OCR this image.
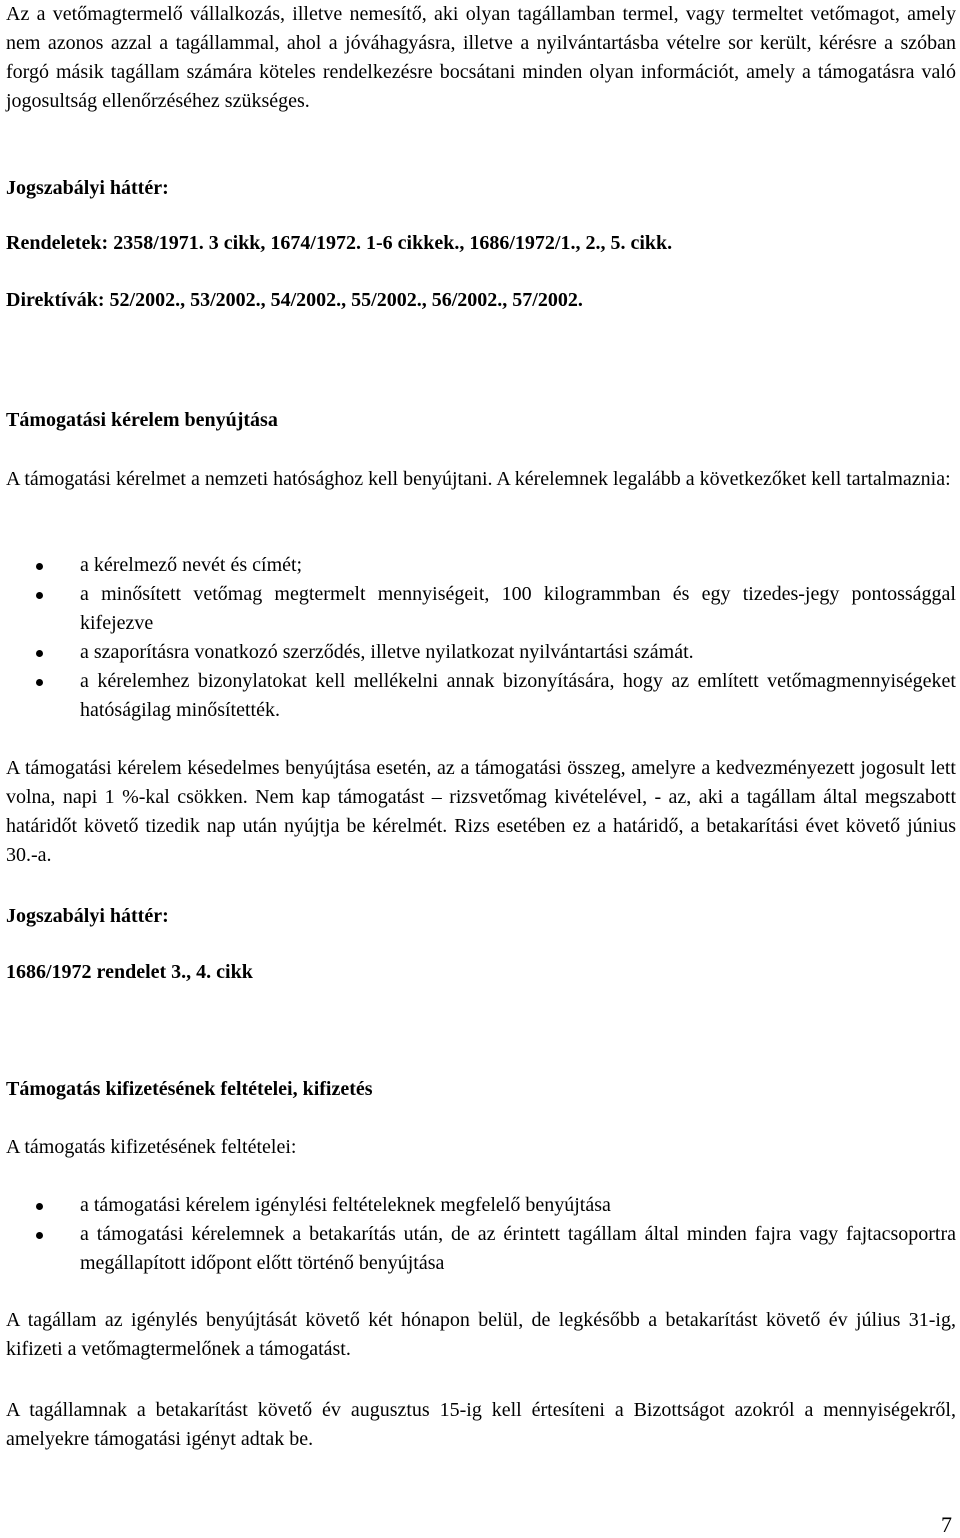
Az a vetőmagtermelő vállalkozás, illetve nemesítő, aki olyan tagállamban termel, vagy termeltet vetőmagot, amely nem azonos azzal a tagállammal, ahol a jóváhagyásra, illetve a nyilvántartásba vételre sor került, kérésre a szóban forgó másik tagállam számára köteles rendelkezésre bocsátani minden olyan információt, amely a támogatásra való jogosultság ellenőrzéséhez szükséges.

Jogszabályi háttér:

Rendeletek: 2358/1971. 3 cikk, 1674/1972. 1-6 cikkek., 1686/1972/1., 2., 5. cikk.

Direktívák: 52/2002., 53/2002., 54/2002., 55/2002., 56/2002., 57/2002.

Támogatási kérelem benyújtása

A támogatási kérelmet a nemzeti hatósághoz kell benyújtani. A kérelemnek legalább a következőket kell tartalmaznia:

a kérelmező nevét és címét;
a minősített vetőmag megtermelt mennyiségeit, 100 kilogrammban és egy tizedes-jegy pontossággal kifejezve
a szaporításra vonatkozó szerződés, illetve nyilatkozat nyilvántartási számát.
a kérelemhez bizonylatokat kell mellékelni annak bizonyítására, hogy az említett vetőmagmennyiségeket hatóságilag minősítették.

A támogatási kérelem késedelmes benyújtása esetén, az a támogatási összeg, amelyre a kedvezményezett jogosult lett volna, napi 1 %-kal csökken. Nem kap támogatást – rizsvetőmag kivételével, - az, aki a tagállam által megszabott határidőt követő tizedik nap után nyújtja be kérelmét. Rizs esetében ez a határidő, a betakarítási évet követő június 30.-a.

Jogszabályi háttér:

1686/1972 rendelet 3., 4. cikk

Támogatás kifizetésének feltételei, kifizetés

A támogatás kifizetésének feltételei:

a támogatási kérelem igénylési feltételeknek megfelelő benyújtása
a támogatási kérelemnek a betakarítás után, de az érintett tagállam által minden fajra vagy fajtacsoportra megállapított időpont előtt történő benyújtása

A tagállam az igénylés benyújtását követő két hónapon belül, de legkésőbb a betakarítást követő év július 31-ig, kifizeti a vetőmagtermelőnek a támogatást.

A tagállamnak a betakarítást követő év augusztus 15-ig kell értesíteni a Bizottságot azokról a mennyiségekről, amelyekre támogatási igényt adtak be.

7
